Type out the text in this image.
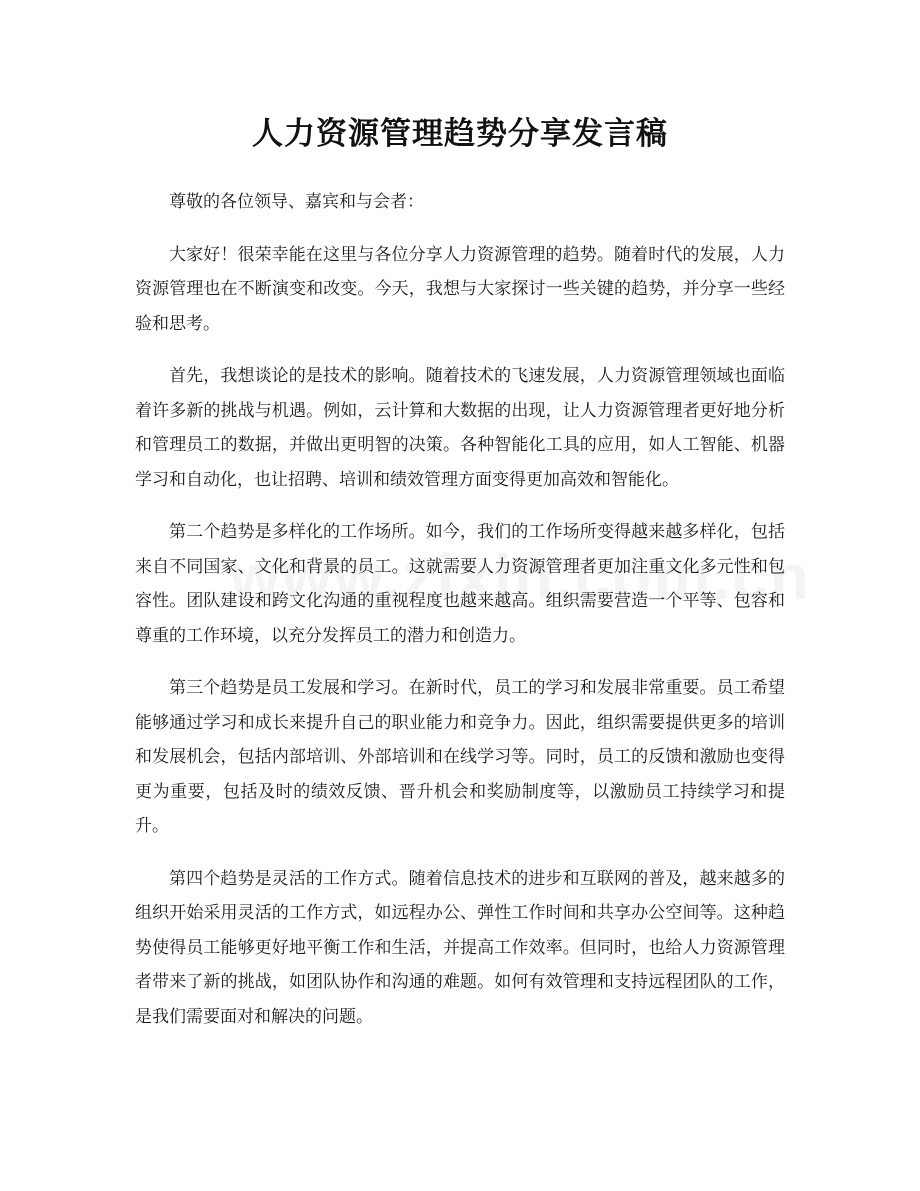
人力资源管理趋势分享发言稿

尊敬的各位领导、嘉宾和与会者：

大家好！很荣幸能在这里与各位分享人力资源管理的趋势。随着时代的发展，人力资源管理也在不断演变和改变。今天，我想与大家探讨一些关键的趋势，并分享一些经验和思考。

首先，我想谈论的是技术的影响。随着技术的飞速发展，人力资源管理领域也面临着许多新的挑战与机遇。例如，云计算和大数据的出现，让人力资源管理者更好地分析和管理员工的数据，并做出更明智的决策。各种智能化工具的应用，如人工智能、机器学习和自动化，也让招聘、培训和绩效管理方面变得更加高效和智能化。

第二个趋势是多样化的工作场所。如今，我们的工作场所变得越来越多样化，包括来自不同国家、文化和背景的员工。这就需要人力资源管理者更加注重文化多元性和包容性。团队建设和跨文化沟通的重视程度也越来越高。组织需要营造一个平等、包容和尊重的工作环境，以充分发挥员工的潜力和创造力。

第三个趋势是员工发展和学习。在新时代，员工的学习和发展非常重要。员工希望能够通过学习和成长来提升自己的职业能力和竞争力。因此，组织需要提供更多的培训和发展机会，包括内部培训、外部培训和在线学习等。同时，员工的反馈和激励也变得更为重要，包括及时的绩效反馈、晋升机会和奖励制度等，以激励员工持续学习和提升。

第四个趋势是灵活的工作方式。随着信息技术的进步和互联网的普及，越来越多的组织开始采用灵活的工作方式，如远程办公、弹性工作时间和共享办公空间等。这种趋势使得员工能够更好地平衡工作和生活，并提高工作效率。但同时，也给人力资源管理者带来了新的挑战，如团队协作和沟通的难题。如何有效管理和支持远程团队的工作，是我们需要面对和解决的问题。
